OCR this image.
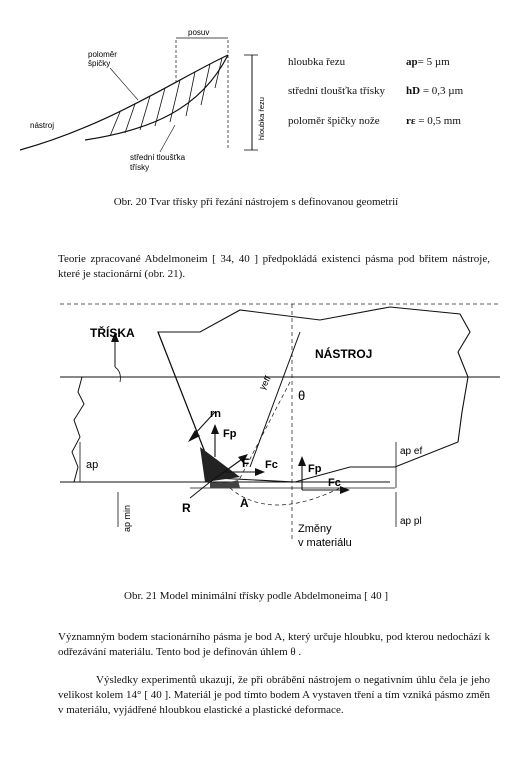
posuv
hloubka řezu
poloměr
špičky
nástroj
střední tloušťka
třísky
hloubka řezu	ap= 5 µm
střední tloušťka třísky hD = 0,3 µm
poloměr špičky nože rε = 0,5 mm
Obr. 20 Tvar třísky při řezání nástrojem s definovanou geometrií
Teorie zpracované Abdelmoneim [ 34, 40 ] předpokládá existenci pásma pod břitem nástroje, které je stacionární (obr. 21).
TŘÍSKA
NÁSTROJ
γeff
θ
rn
Fp
F Fc	Fp
Fc
ap
ap min	R	A
ap ef
ap pl
Změny
v materiálu
Obr. 21 Model minimální třísky podle Abdelmoneima [ 40 ]
Významným bodem stacionárního pásma je bod A, který určuje hloubku, pod kterou nedochází k odřezávání materiálu. Tento bod je definován úhlem θ .
Výsledky experimentů ukazují, že při obrábění nástrojem o negativním úhlu čela je jeho velikost kolem 14° [ 40 ]. Materiál je pod tímto bodem A vystaven tření a tím vzniká pásmo změn v materiálu, vyjádřené hloubkou elastické a plastické deformace.
